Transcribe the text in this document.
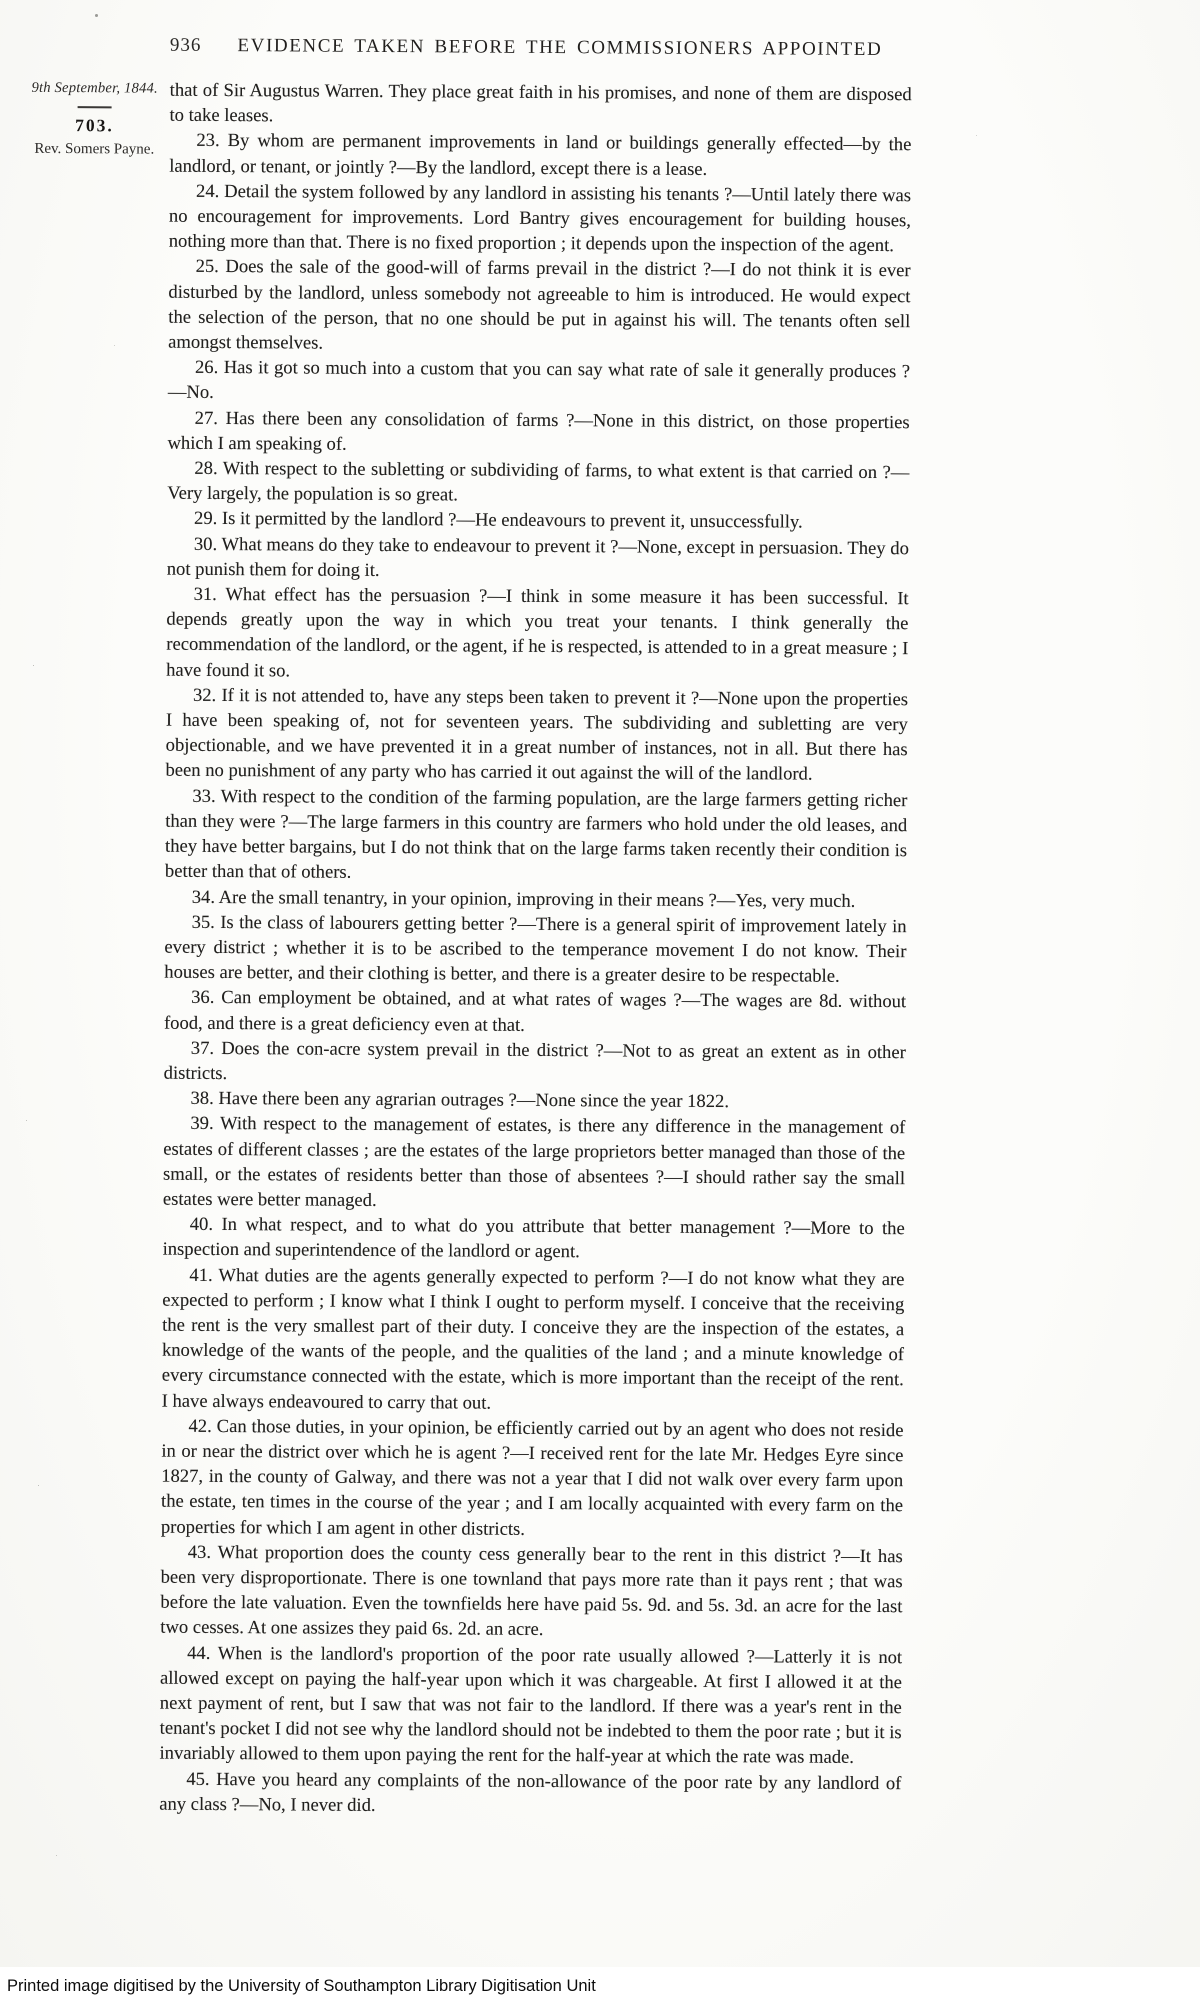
936 EVIDENCE TAKEN BEFORE THE COMMISSIONERS APPOINTED
9th September, 1844.
703.
Rev. Somers Payne.

that of Sir Augustus Warren. They place great faith in his promises, and none of them are disposed to take leases.

23. By whom are permanent improvements in land or buildings generally effected—by the landlord, or tenant, or jointly ?—By the landlord, except there is a lease.

24. Detail the system followed by any landlord in assisting his tenants ?—Until lately there was no encouragement for improvements. Lord Bantry gives encouragement for building houses, nothing more than that. There is no fixed proportion ; it depends upon the inspection of the agent.

25. Does the sale of the good-will of farms prevail in the district ?—I do not think it is ever disturbed by the landlord, unless somebody not agreeable to him is introduced. He would expect the selection of the person, that no one should be put in against his will. The tenants often sell amongst themselves.

26. Has it got so much into a custom that you can say what rate of sale it generally produces ?—No.

27. Has there been any consolidation of farms ?—None in this district, on those properties which I am speaking of.

28. With respect to the subletting or subdividing of farms, to what extent is that carried on ?—Very largely, the population is so great.

29. Is it permitted by the landlord ?—He endeavours to prevent it, unsuccessfully.

30. What means do they take to endeavour to prevent it ?—None, except in persuasion. They do not punish them for doing it.

31. What effect has the persuasion ?—I think in some measure it has been successful. It depends greatly upon the way in which you treat your tenants. I think generally the recommendation of the landlord, or the agent, if he is respected, is attended to in a great measure ; I have found it so.

32. If it is not attended to, have any steps been taken to prevent it ?—None upon the properties I have been speaking of, not for seventeen years. The subdividing and subletting are very objectionable, and we have prevented it in a great number of instances, not in all. But there has been no punishment of any party who has carried it out against the will of the landlord.

33. With respect to the condition of the farming population, are the large farmers getting richer than they were ?—The large farmers in this country are farmers who hold under the old leases, and they have better bargains, but I do not think that on the large farms taken recently their condition is better than that of others.

34. Are the small tenantry, in your opinion, improving in their means ?—Yes, very much.

35. Is the class of labourers getting better ?—There is a general spirit of improvement lately in every district ; whether it is to be ascribed to the temperance movement I do not know. Their houses are better, and their clothing is better, and there is a greater desire to be respectable.

36. Can employment be obtained, and at what rates of wages ?—The wages are 8d. without food, and there is a great deficiency even at that.

37. Does the con-acre system prevail in the district ?—Not to as great an extent as in other districts.

38. Have there been any agrarian outrages ?—None since the year 1822.

39. With respect to the management of estates, is there any difference in the management of estates of different classes ; are the estates of the large proprietors better managed than those of the small, or the estates of residents better than those of absentees ?—I should rather say the small estates were better managed.

40. In what respect, and to what do you attribute that better management ?—More to the inspection and superintendence of the landlord or agent.

41. What duties are the agents generally expected to perform ?—I do not know what they are expected to perform ; I know what I think I ought to perform myself. I conceive that the receiving the rent is the very smallest part of their duty. I conceive they are the inspection of the estates, a knowledge of the wants of the people, and the qualities of the land ; and a minute knowledge of every circumstance connected with the estate, which is more important than the receipt of the rent. I have always endeavoured to carry that out.

42. Can those duties, in your opinion, be efficiently carried out by an agent who does not reside in or near the district over which he is agent ?—I received rent for the late Mr. Hedges Eyre since 1827, in the county of Galway, and there was not a year that I did not walk over every farm upon the estate, ten times in the course of the year ; and I am locally acquainted with every farm on the properties for which I am agent in other districts.

43. What proportion does the county cess generally bear to the rent in this district ?—It has been very disproportionate. There is one townland that pays more rate than it pays rent ; that was before the late valuation. Even the townfields here have paid 5s. 9d. and 5s. 3d. an acre for the last two cesses. At one assizes they paid 6s. 2d. an acre.

44. When is the landlord's proportion of the poor rate usually allowed ?—Latterly it is not allowed except on paying the half-year upon which it was chargeable. At first I allowed it at the next payment of rent, but I saw that was not fair to the landlord. If there was a year's rent in the tenant's pocket I did not see why the landlord should not be indebted to them the poor rate ; but it is invariably allowed to them upon paying the rent for the half-year at which the rate was made.

45. Have you heard any complaints of the non-allowance of the poor rate by any landlord of any class ?—No, I never did.

Printed image digitised by the University of Southampton Library Digitisation Unit
